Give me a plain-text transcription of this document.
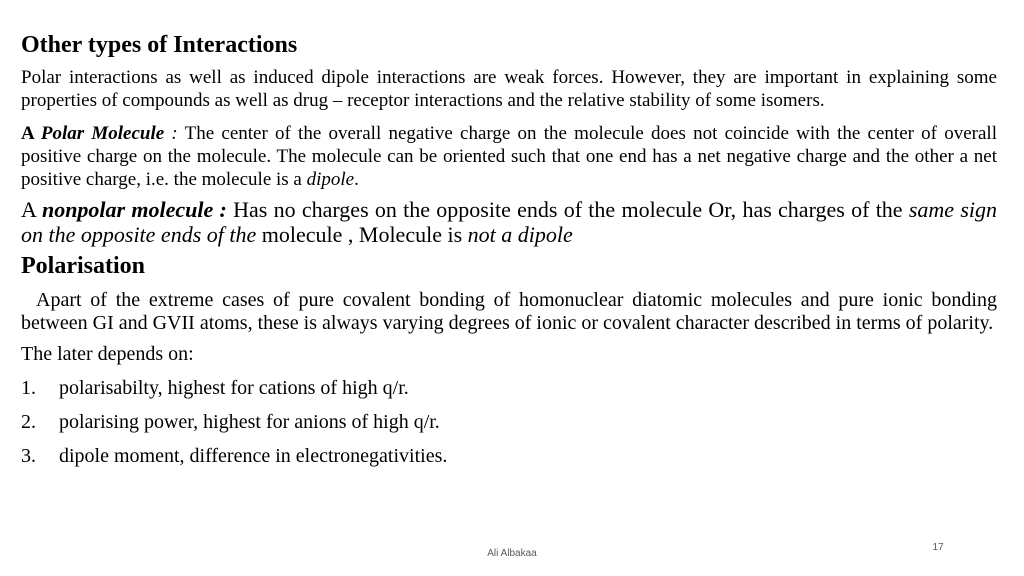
Other types of Interactions

Polar interactions as well as induced dipole interactions are weak forces. However, they are important in explaining some properties of compounds as well as drug – receptor interactions and the relative stability of some isomers.

A Polar Molecule : The center of the overall negative charge on the molecule does not coincide with the center of overall positive charge on the molecule. The molecule can be oriented such that one end has a net negative charge and the other a net positive charge, i.e. the molecule is a dipole.

A nonpolar molecule : Has no charges on the opposite ends of the molecule Or, has charges of the same sign on the opposite ends of the molecule , Molecule is not a dipole

Polarisation

Apart of the extreme cases of pure covalent bonding of homonuclear diatomic molecules and pure ionic bonding between GI and GVII atoms, these is always varying degrees of ionic or covalent character described in terms of polarity.

The later depends on:

1.	polarisabilty, highest for cations of high q/r.
2.	polarising power, highest for anions of high q/r.
3.	dipole moment, difference in electronegativities.
Ali Albakaa
17
